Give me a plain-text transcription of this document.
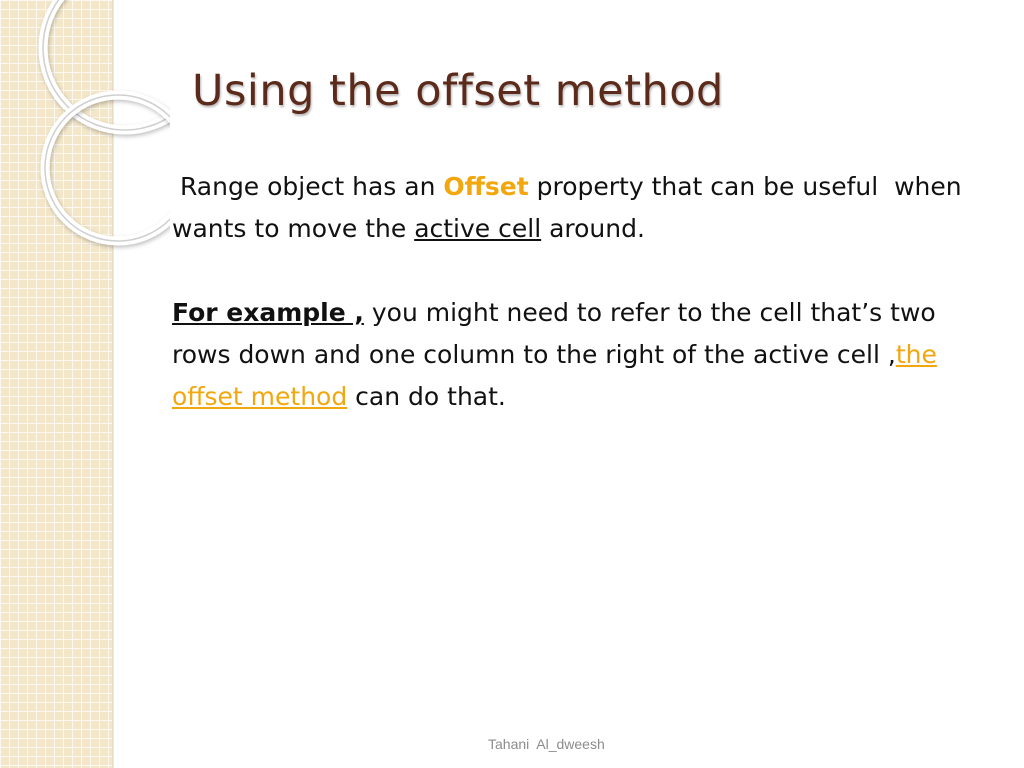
Using the offset method

Range object has an Offset property that can be useful  when wants to move the active cell around.

For example , you might need to refer to the cell that’s two rows down and one column to the right of the active cell ,the offset method can do that.

Tahani  Al_dweesh
